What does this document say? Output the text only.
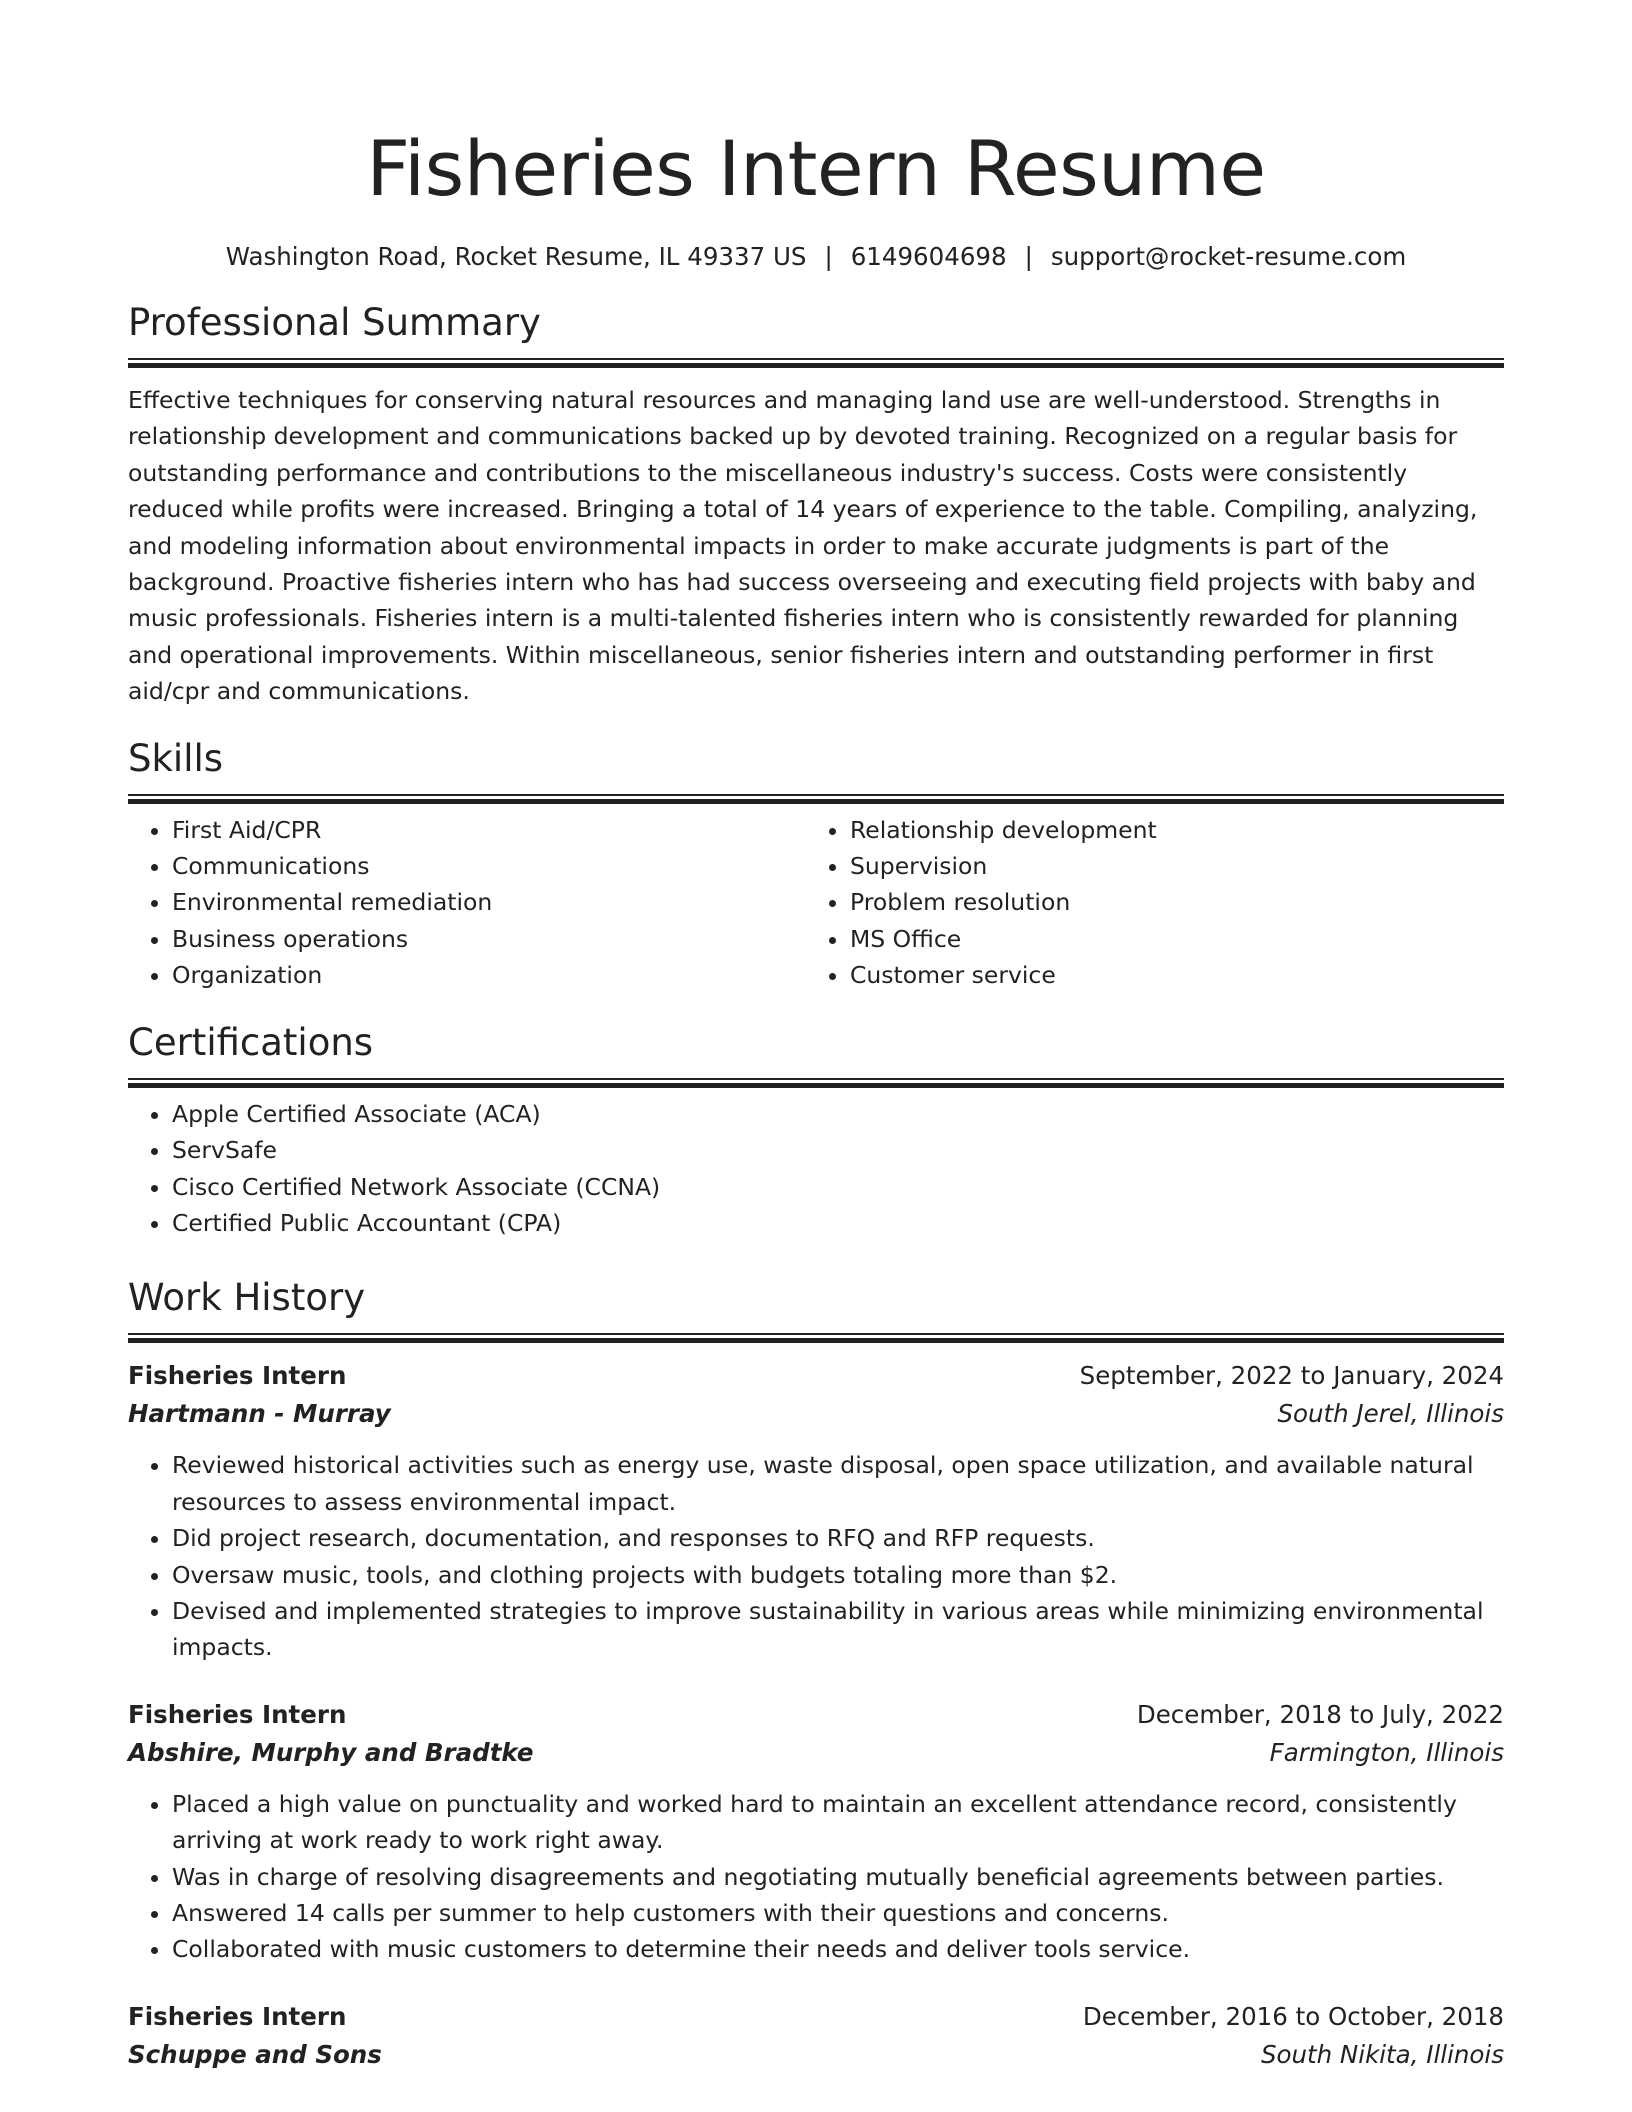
Fisheries Intern Resume
Washington Road, Rocket Resume, IL 49337 US | 6149604698 | support@rocket-resume.com
Professional Summary

Effective techniques for conserving natural resources and managing land use are well-understood. Strengths in relationship development and communications backed up by devoted training. Recognized on a regular basis for outstanding performance and contributions to the miscellaneous industry's success. Costs were consistently reduced while profits were increased. Bringing a total of 14 years of experience to the table. Compiling, analyzing, and modeling information about environmental impacts in order to make accurate judgments is part of the background. Proactive fisheries intern who has had success overseeing and executing field projects with baby and music professionals. Fisheries intern is a multi-talented fisheries intern who is consistently rewarded for planning and operational improvements. Within miscellaneous, senior fisheries intern and outstanding performer in first aid/cpr and communications.

Skills
• First Aid/CPR
• Communications
• Environmental remediation
• Business operations
• Organization
• Relationship development
• Supervision
• Problem resolution
• MS Office
• Customer service
Certifications
• Apple Certified Associate (ACA)
• ServSafe
• Cisco Certified Network Associate (CCNA)
• Certified Public Accountant (CPA)
Work History
Fisheries Intern	September, 2022 to January, 2024
Hartmann - Murray	South Jerel, Illinois
• Reviewed historical activities such as energy use, waste disposal, open space utilization, and available natural resources to assess environmental impact.
• Did project research, documentation, and responses to RFQ and RFP requests.
• Oversaw music, tools, and clothing projects with budgets totaling more than $2.
• Devised and implemented strategies to improve sustainability in various areas while minimizing environmental impacts.
Fisheries Intern	December, 2018 to July, 2022
Abshire, Murphy and Bradtke	Farmington, Illinois
• Placed a high value on punctuality and worked hard to maintain an excellent attendance record, consistently arriving at work ready to work right away.
• Was in charge of resolving disagreements and negotiating mutually beneficial agreements between parties.
• Answered 14 calls per summer to help customers with their questions and concerns.
• Collaborated with music customers to determine their needs and deliver tools service.
Fisheries Intern	December, 2016 to October, 2018
Schuppe and Sons	South Nikita, Illinois
